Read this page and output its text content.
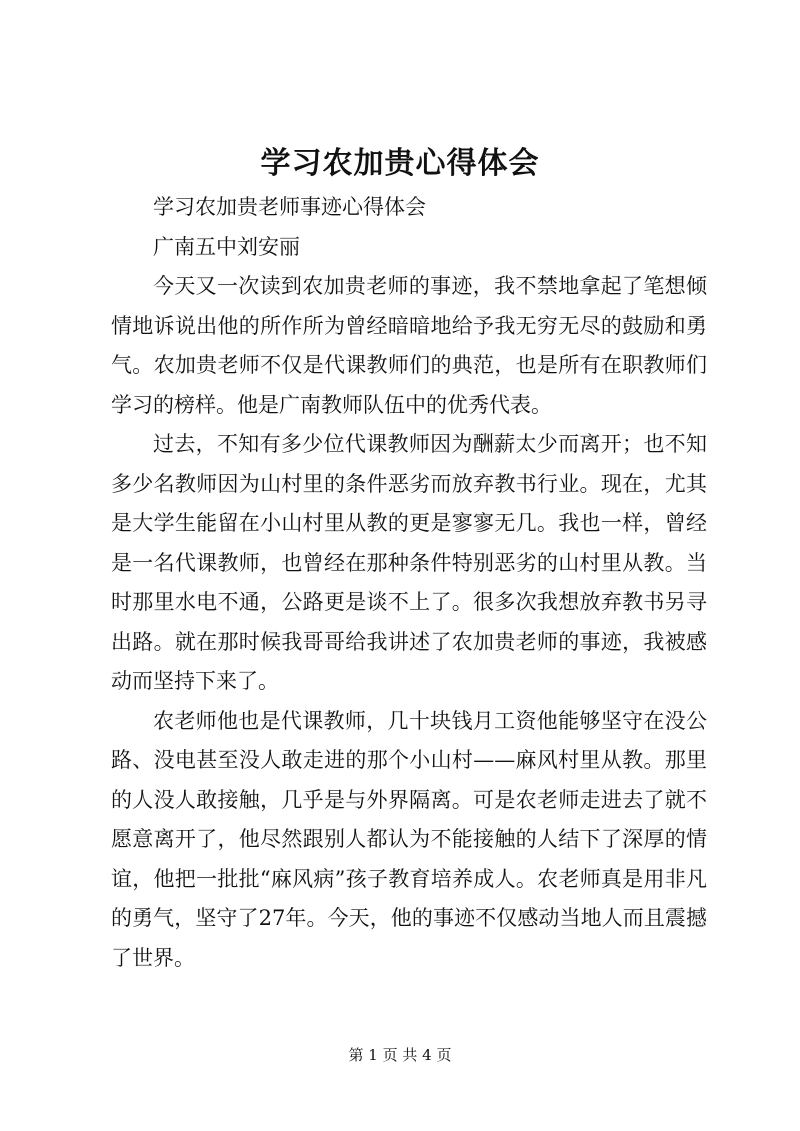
学习农加贵心得体会

学习农加贵老师事迹心得体会

广南五中刘安丽

今天又一次读到农加贵老师的事迹，我不禁地拿起了笔想倾情地诉说出他的所作所为曾经暗暗地给予我无穷无尽的鼓励和勇气。农加贵老师不仅是代课教师们的典范，也是所有在职教师们学习的榜样。他是广南教师队伍中的优秀代表。

过去，不知有多少位代课教师因为酬薪太少而离开；也不知多少名教师因为山村里的条件恶劣而放弃教书行业。现在，尤其是大学生能留在小山村里从教的更是寥寥无几。我也一样，曾经是一名代课教师，也曾经在那种条件特别恶劣的山村里从教。当时那里水电不通，公路更是谈不上了。很多次我想放弃教书另寻出路。就在那时候我哥哥给我讲述了农加贵老师的事迹，我被感动而坚持下来了。

农老师他也是代课教师，几十块钱月工资他能够坚守在没公路、没电甚至没人敢走进的那个小山村——麻风村里从教。那里的人没人敢接触，几乎是与外界隔离。可是农老师走进去了就不愿意离开了，他尽然跟别人都认为不能接触的人结下了深厚的情谊，他把一批批“麻风病”孩子教育培养成人。农老师真是用非凡的勇气，坚守了27年。今天，他的事迹不仅感动当地人而且震撼了世界。

第 1 页 共 4 页
